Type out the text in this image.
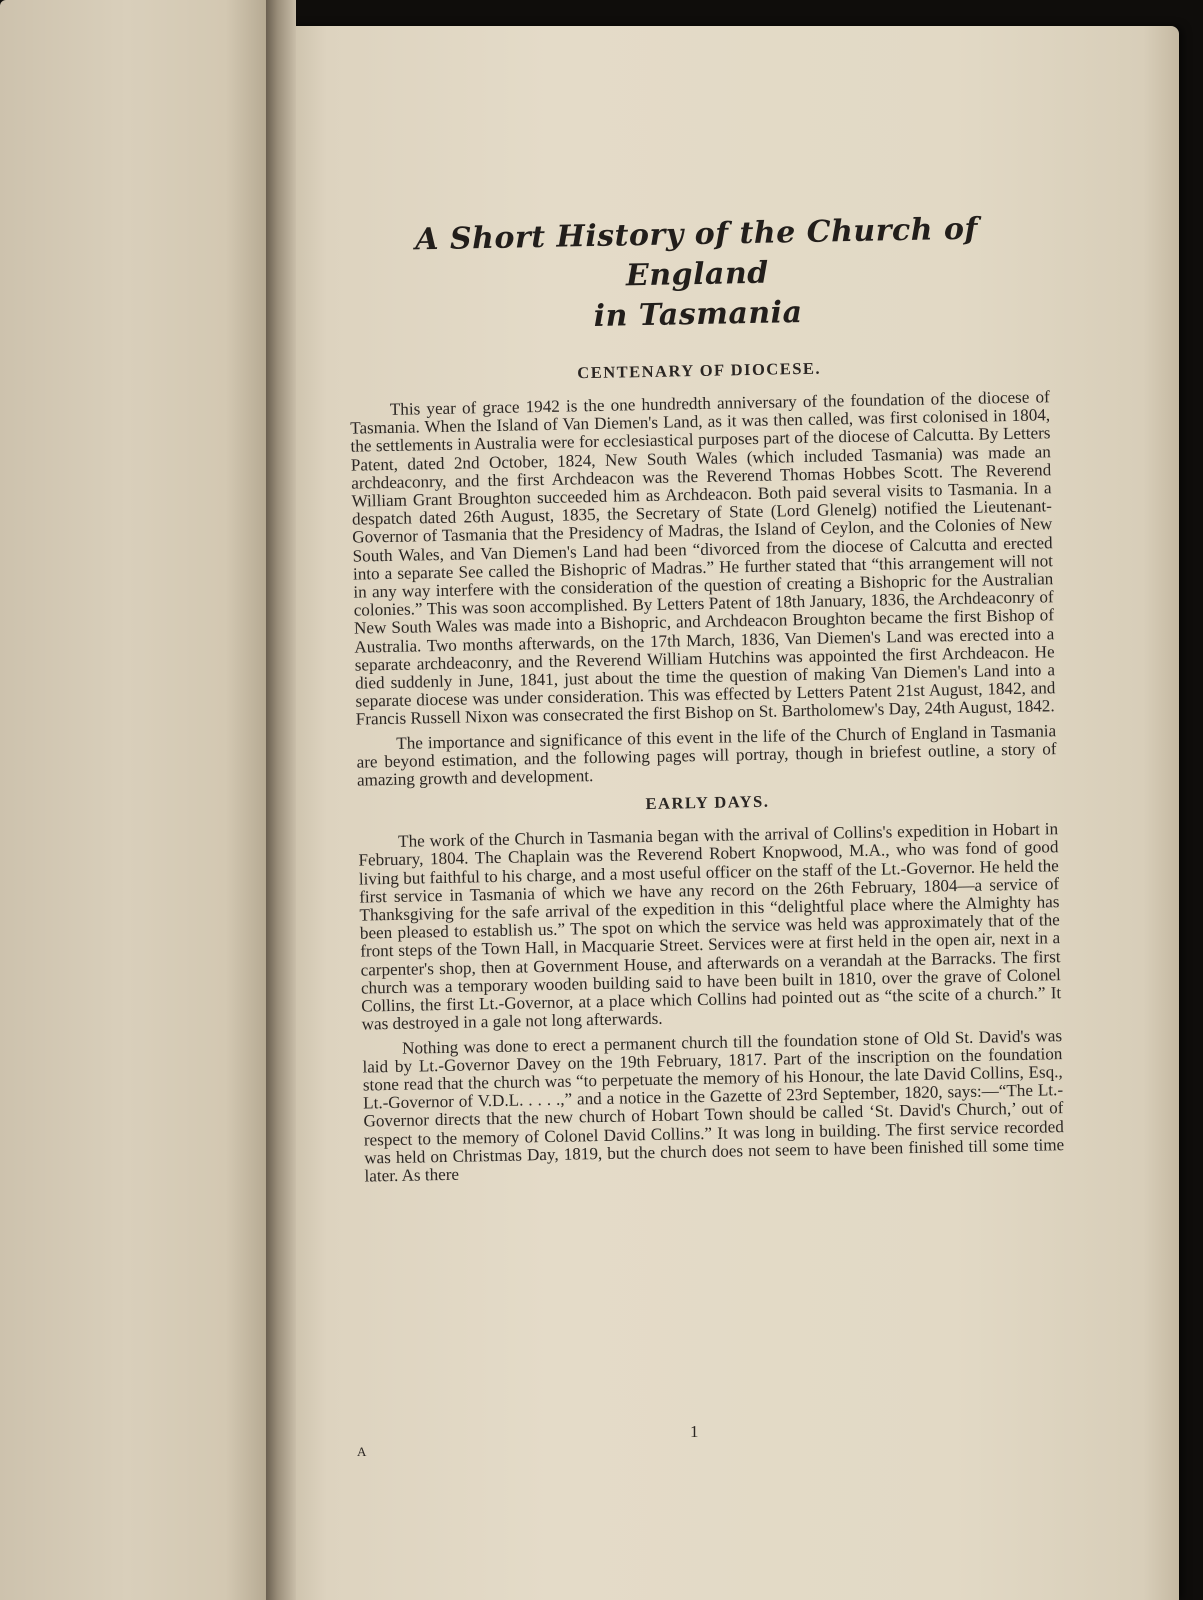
A Short History of the Church of England
in Tasmania
CENTENARY OF DIOCESE.

This year of grace 1942 is the one hundredth anniversary of the foundation of the diocese of Tasmania. When the Island of Van Diemen's Land, as it was then called, was first colonised in 1804, the settlements in Australia were for ecclesiastical purposes part of the diocese of Calcutta. By Letters Patent, dated 2nd October, 1824, New South Wales (which included Tasmania) was made an archdeaconry, and the first Archdeacon was the Reverend Thomas Hobbes Scott. The Reverend William Grant Broughton succeeded him as Archdeacon. Both paid several visits to Tasmania. In a despatch dated 26th August, 1835, the Secretary of State (Lord Glenelg) notified the Lieutenant-Governor of Tasmania that the Presidency of Madras, the Island of Ceylon, and the Colonies of New South Wales, and Van Diemen's Land had been “divorced from the diocese of Calcutta and erected into a separate See called the Bishopric of Madras.” He further stated that “this arrangement will not in any way interfere with the consideration of the question of creating a Bishopric for the Australian colonies.” This was soon accomplished. By Letters Patent of 18th January, 1836, the Archdeaconry of New South Wales was made into a Bishopric, and Archdeacon Broughton became the first Bishop of Australia. Two months afterwards, on the 17th March, 1836, Van Diemen's Land was erected into a separate archdeaconry, and the Reverend William Hutchins was appointed the first Archdeacon. He died suddenly in June, 1841, just about the time the question of making Van Diemen's Land into a separate diocese was under consideration. This was effected by Letters Patent 21st August, 1842, and Francis Russell Nixon was consecrated the first Bishop on St. Bartholomew's Day, 24th August, 1842.

The importance and significance of this event in the life of the Church of England in Tasmania are beyond estimation, and the following pages will portray, though in briefest outline, a story of amazing growth and development.

EARLY DAYS.

The work of the Church in Tasmania began with the arrival of Collins's expedition in Hobart in February, 1804. The Chaplain was the Reverend Robert Knopwood, M.A., who was fond of good living but faithful to his charge, and a most useful officer on the staff of the Lt.-Governor. He held the first service in Tasmania of which we have any record on the 26th February, 1804—a service of Thanksgiving for the safe arrival of the expedition in this “delightful place where the Almighty has been pleased to establish us.” The spot on which the service was held was approximately that of the front steps of the Town Hall, in Macquarie Street. Services were at first held in the open air, next in a carpenter's shop, then at Government House, and afterwards on a verandah at the Barracks. The first church was a temporary wooden building said to have been built in 1810, over the grave of Colonel Collins, the first Lt.-Governor, at a place which Collins had pointed out as “the scite of a church.” It was destroyed in a gale not long afterwards.

Nothing was done to erect a permanent church till the foundation stone of Old St. David's was laid by Lt.-Governor Davey on the 19th February, 1817. Part of the inscription on the foundation stone read that the church was “to perpetuate the memory of his Honour, the late David Collins, Esq., Lt.-Governor of V.D.L. . . . .,” and a notice in the Gazette of 23rd September, 1820, says:—“The Lt.-Governor directs that the new church of Hobart Town should be called ‘St. David's Church,’ out of respect to the memory of Colonel David Collins.” It was long in building. The first service recorded was held on Christmas Day, 1819, but the church does not seem to have been finished till some time later. As there

1
A
